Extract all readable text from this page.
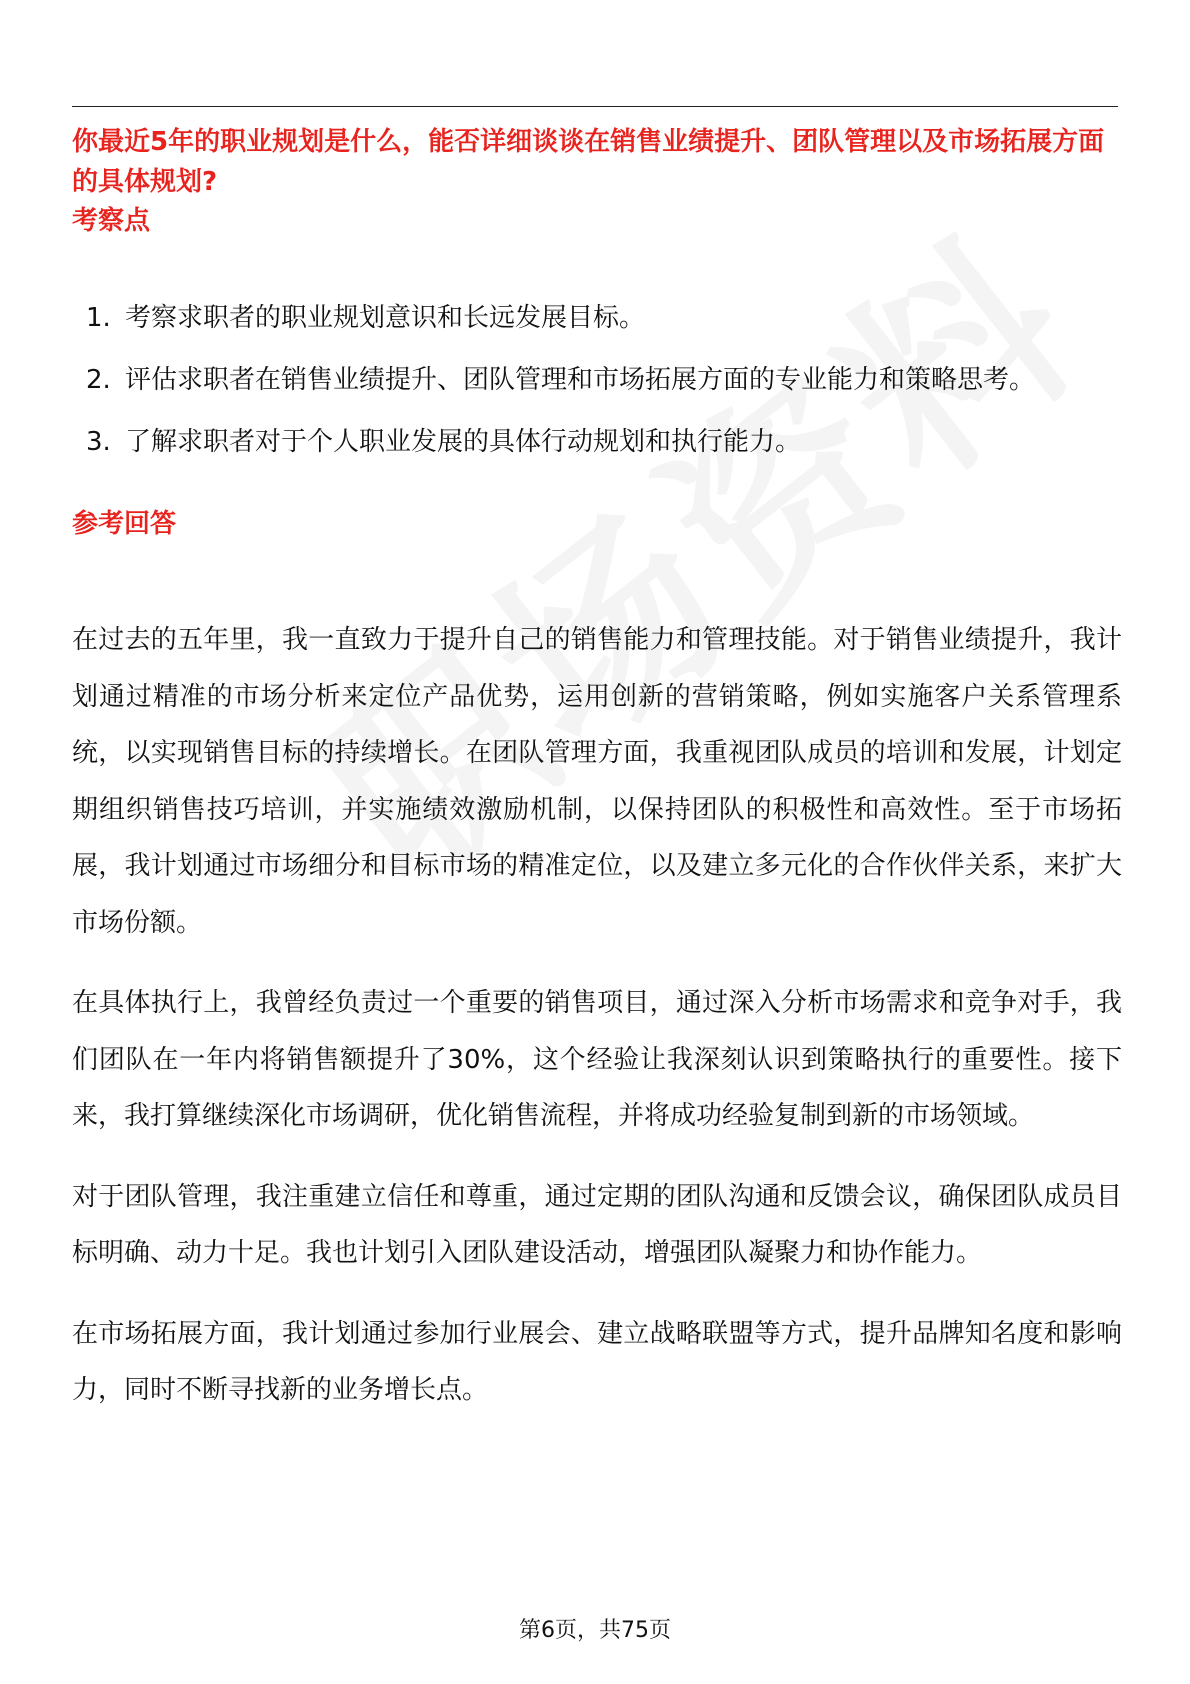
你最近5年的职业规划是什么，能否详细谈谈在销售业绩提升、团队管理以及市场拓展方面的具体规划?
考察点
1. 考察求职者的职业规划意识和长远发展目标。
2. 评估求职者在销售业绩提升、团队管理和市场拓展方面的专业能力和策略思考。
3. 了解求职者对于个人职业发展的具体行动规划和执行能力。
参考回答

在过去的五年里，我一直致力于提升自己的销售能力和管理技能。对于销售业绩提升，我计划通过精准的市场分析来定位产品优势，运用创新的营销策略，例如实施客户关系管理系统，以实现销售目标的持续增长。在团队管理方面，我重视团队成员的培训和发展，计划定期组织销售技巧培训，并实施绩效激励机制，以保持团队的积极性和高效性。至于市场拓展，我计划通过市场细分和目标市场的精准定位，以及建立多元化的合作伙伴关系，来扩大市场份额。

在具体执行上，我曾经负责过一个重要的销售项目，通过深入分析市场需求和竞争对手，我们团队在一年内将销售额提升了30%，这个经验让我深刻认识到策略执行的重要性。接下来，我打算继续深化市场调研，优化销售流程，并将成功经验复制到新的市场领域。

对于团队管理，我注重建立信任和尊重，通过定期的团队沟通和反馈会议，确保团队成员目标明确、动力十足。我也计划引入团队建设活动，增强团队凝聚力和协作能力。

在市场拓展方面，我计划通过参加行业展会、建立战略联盟等方式，提升品牌知名度和影响力，同时不断寻找新的业务增长点。

第6页，共75页
